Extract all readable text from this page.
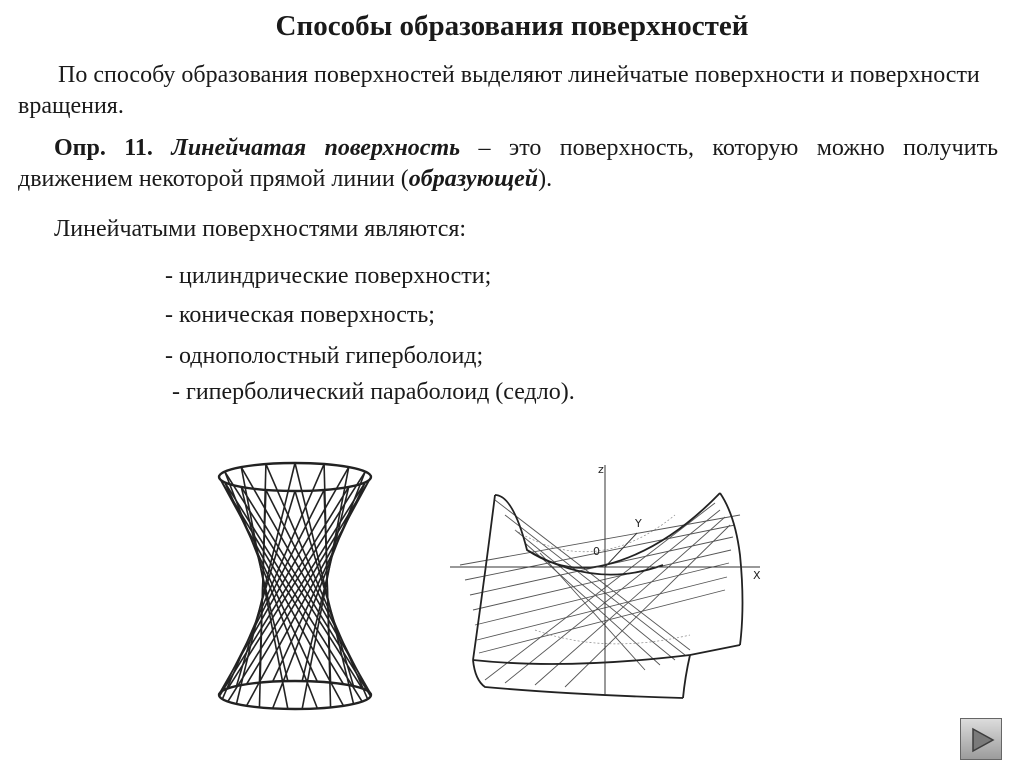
Способы образования поверхностей
По способу образования поверхностей выделяют линейчатые поверхности и поверхности вращения.
Опр. 11. Линейчатая поверхность – это поверхность, которую можно получить движением некоторой прямой линии (образующей).
Линейчатыми поверхностями являются:
- цилиндрические поверхности;
- коническая поверхность;
- однополостный гиперболоид;
- гиперболический параболоид (седло).
z
Y
X
0
